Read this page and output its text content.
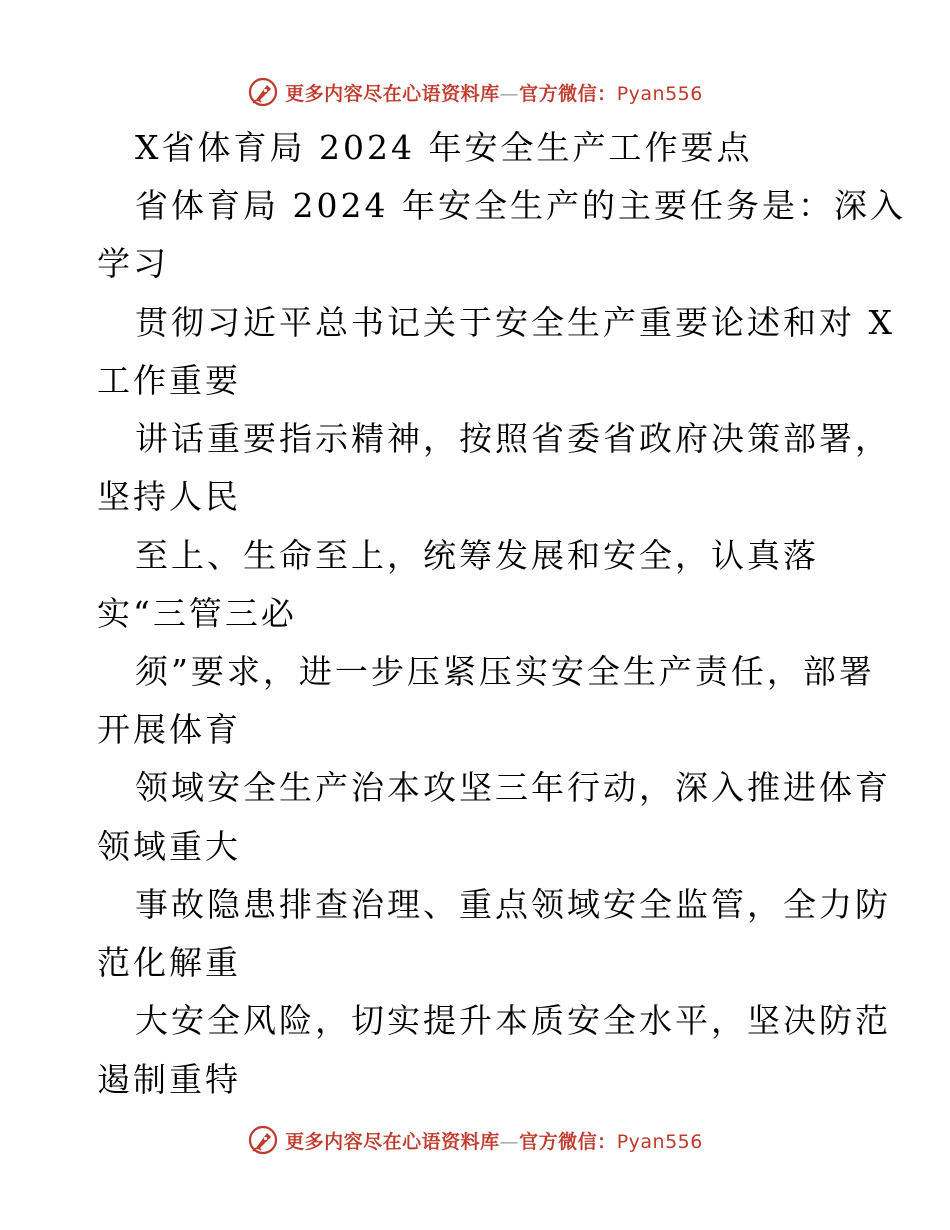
更多内容尽在心语资料库—官方微信：Pyan556
X省体育局 2024 年安全生产工作要点
省体育局 2024 年安全生产的主要任务是：深入
学习
贯彻习近平总书记关于安全生产重要论述和对 X
工作重要
讲话重要指示精神，按照省委省政府决策部署，
坚持人民
至上、生命至上，统筹发展和安全，认真落
实“三管三必
须”要求，进一步压紧压实安全生产责任，部署
开展体育
领域安全生产治本攻坚三年行动，深入推进体育
领域重大
事故隐患排查治理、重点领域安全监管，全力防
范化解重
大安全风险，切实提升本质安全水平，坚决防范
遏制重特
更多内容尽在心语资料库—官方微信：Pyan556
